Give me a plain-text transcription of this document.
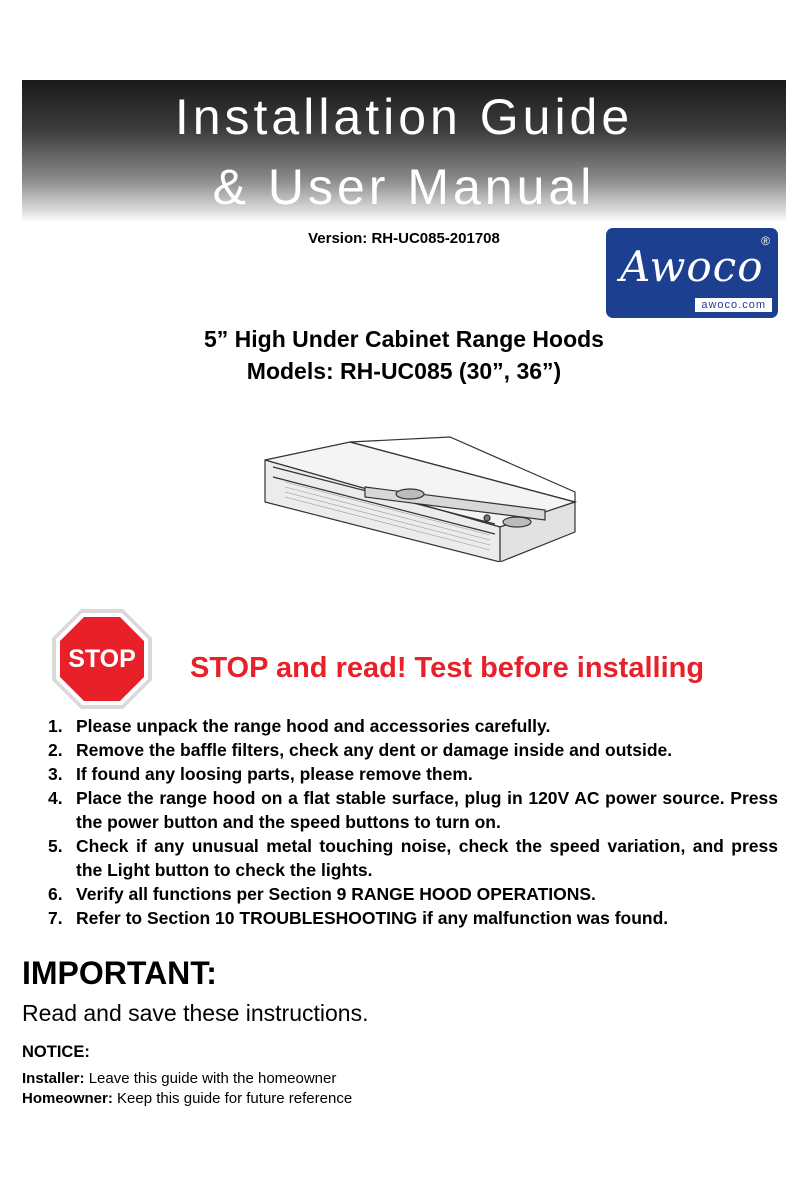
Installation Guide
& User Manual
Version: RH-UC085-201708
Awoco
®
awoco.com
5” High Under Cabinet Range Hoods
Models: RH-UC085 (30”, 36”)
STOP STOP and read! Test before installing
1. Please unpack the range hood and accessories carefully.
2. Remove the baffle filters, check any dent or damage inside and outside.
3. If found any loosing parts, please remove them.
4. Place the range hood on a flat stable surface, plug in 120V AC power source. Press the power button and the speed buttons to turn on.
5. Check if any unusual metal touching noise, check the speed variation, and press the Light button to check the lights.
6. Verify all functions per Section 9 RANGE HOOD OPERATIONS.
7. Refer to Section 10 TROUBLESHOOTING if any malfunction was found.
IMPORTANT:
Read and save these instructions.
NOTICE:
Installer: Leave this guide with the homeowner
Homeowner: Keep this guide for future reference
